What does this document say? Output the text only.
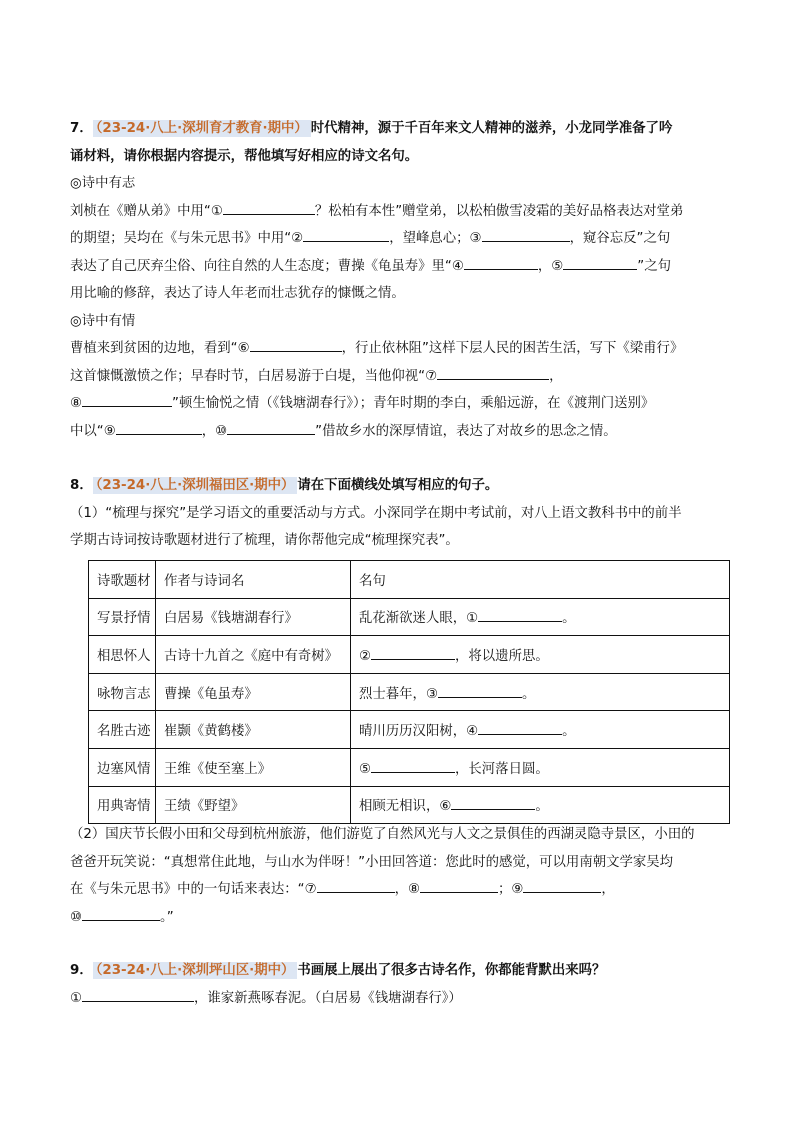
7． （23-24·八上·深圳育才教育·期中） 时代精神，源于千百年来文人精神的滋养，小龙同学准备了吟
诵材料，请你根据内容提示，帮他填写好相应的诗文名句。
◎诗中有志
刘桢在《赠从弟》中用“①	？松柏有本性”赠堂弟，以松柏傲雪凌霜的美好品格表达对堂弟
的期望；吴均在《与朱元思书》中用“②	，望峰息心；③	，窥谷忘反”之句
表达了自己厌弃尘俗、向往自然的人生态度；曹操《龟虽寿》里“④	，⑤	”之句
用比喻的修辞，表达了诗人年老而壮志犹存的慷慨之情。
◎诗中有情
曹植来到贫困的边地，看到“⑥	，行止依林阻”这样下层人民的困苦生活，写下《梁甫行》
这首慷慨激愤之作；早春时节，白居易游于白堤，当他仰视“⑦	，
⑧	”顿生愉悦之情（《钱塘湖春行》）；青年时期的李白，乘船远游，在《渡荆门送别》
中以“⑨	，⑩	”借故乡水的深厚情谊，表达了对故乡的思念之情。
8． （23-24·八上·深圳福田区·期中） 请在下面横线处填写相应的句子。
（1）“梳理与探究”是学习语文的重要活动与方式。小深同学在期中考试前，对八上语文教科书中的前半
学期古诗词按诗歌题材进行了梳理，请你帮他完成“梳理探究表”。
诗歌题材	作者与诗词名	名句
写景抒情	白居易《钱塘湖春行》	乱花渐欲迷人眼，① 。
相思怀人	古诗十九首之《庭中有奇树》	② ，将以遗所思。
咏物言志	曹操《龟虽寿》	烈士暮年，③ 。
名胜古迹	崔颢《黄鹤楼》	晴川历历汉阳树，④ 。
边塞风情	王维《使至塞上》	⑤ ，长河落日圆。
用典寄情	王绩《野望》	相顾无相识，⑥ 。
（2）国庆节长假小田和父母到杭州旅游，他们游览了自然风光与人文之景俱佳的西湖灵隐寺景区，小田的
爸爸开玩笑说：“真想常住此地，与山水为伴呀！”小田回答道：您此时的感觉，可以用南朝文学家吴均
在《与朱元思书》中的一句话来表达：“⑦	，⑧	；⑨	，
⑩	。”
9． （23-24·八上·深圳坪山区·期中） 书画展上展出了很多古诗名作，你都能背默出来吗？
①	，谁家新燕啄春泥。（白居易《钱塘湖春行》）
